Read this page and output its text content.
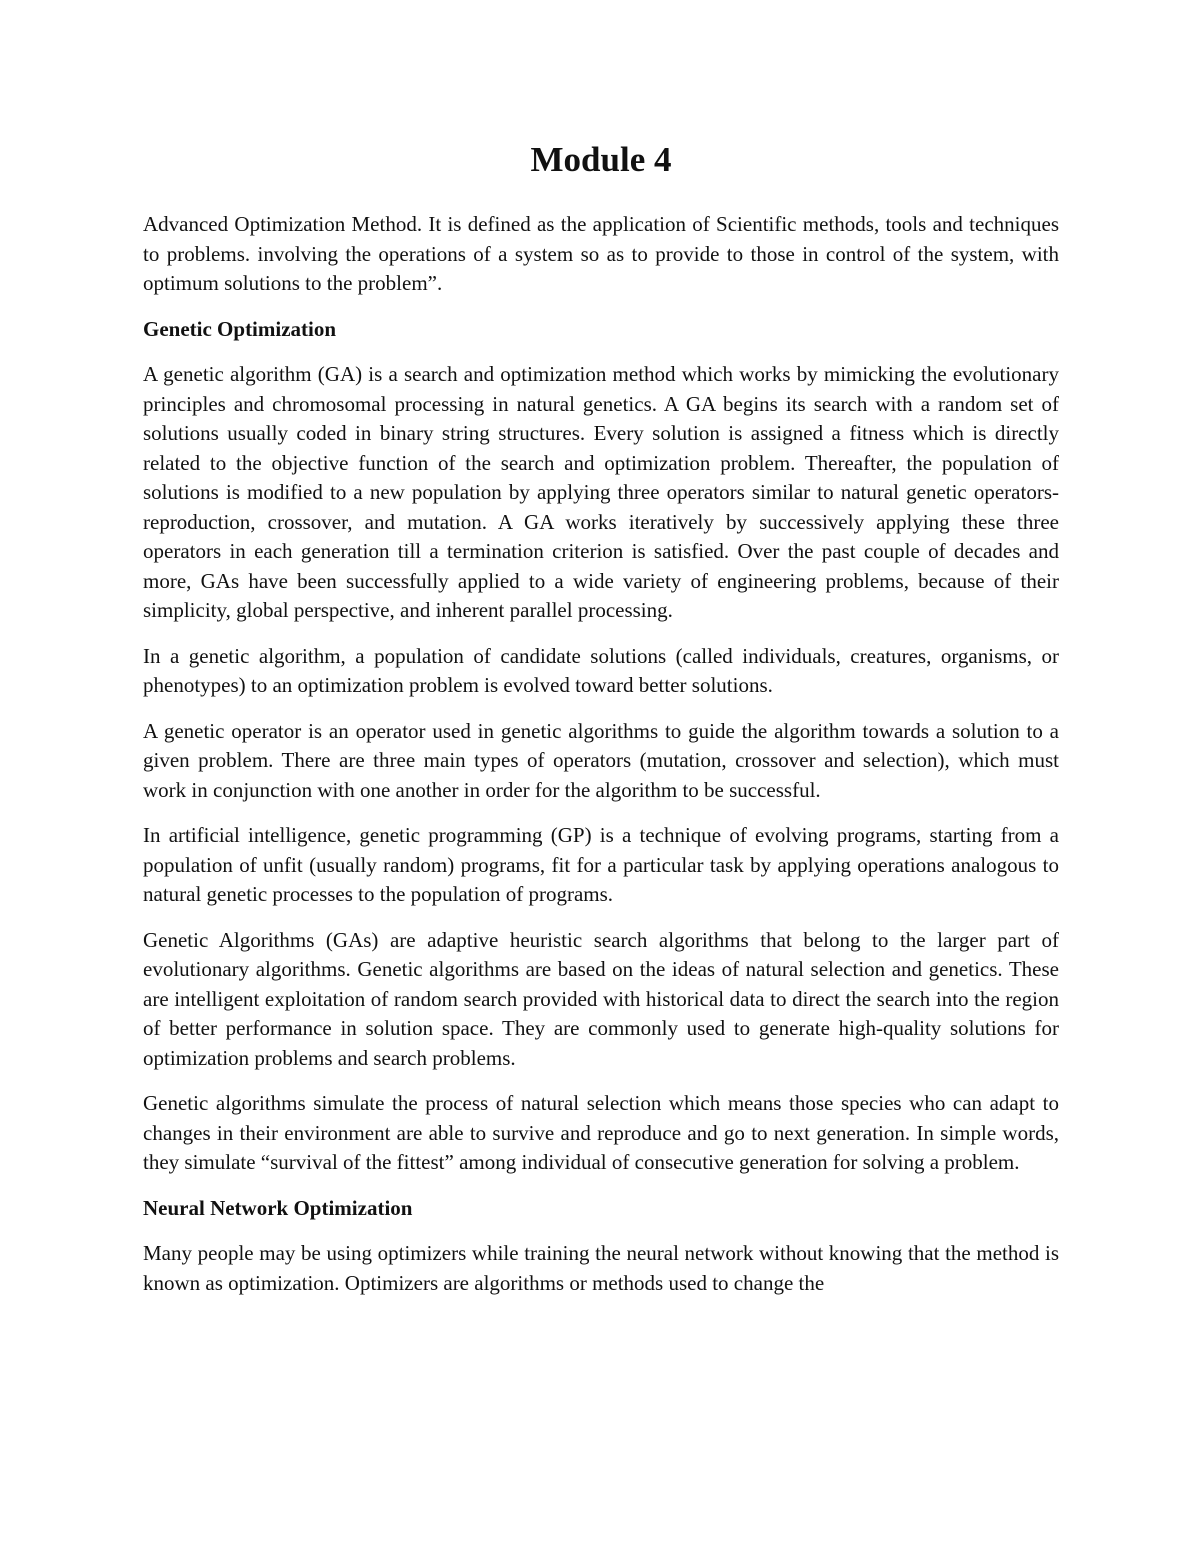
Module 4

Advanced Optimization Method. It is defined as the application of Scientific methods, tools and techniques to problems. involving the operations of a system so as to provide to those in control of the system, with optimum solutions to the problem”.

Genetic Optimization

A genetic algorithm (GA) is a search and optimization method which works by mimicking the evolutionary principles and chromosomal processing in natural genetics. A GA begins its search with a random set of solutions usually coded in binary string structures. Every solution is assigned a fitness which is directly related to the objective function of the search and optimization problem. Thereafter, the population of solutions is modified to a new population by applying three operators similar to natural genetic operators-reproduction, crossover, and mutation. A GA works iteratively by successively applying these three operators in each generation till a termination criterion is satisfied. Over the past couple of decades and more, GAs have been successfully applied to a wide variety of engineering problems, because of their simplicity, global perspective, and inherent parallel processing.

In a genetic algorithm, a population of candidate solutions (called individuals, creatures, organisms, or phenotypes) to an optimization problem is evolved toward better solutions.

A genetic operator is an operator used in genetic algorithms to guide the algorithm towards a solution to a given problem. There are three main types of operators (mutation, crossover and selection), which must work in conjunction with one another in order for the algorithm to be successful.

In artificial intelligence, genetic programming (GP) is a technique of evolving programs, starting from a population of unfit (usually random) programs, fit for a particular task by applying operations analogous to natural genetic processes to the population of programs.

Genetic Algorithms (GAs) are adaptive heuristic search algorithms that belong to the larger part of evolutionary algorithms. Genetic algorithms are based on the ideas of natural selection and genetics. These are intelligent exploitation of random search provided with historical data to direct the search into the region of better performance in solution space. They are commonly used to generate high-quality solutions for optimization problems and search problems.

Genetic algorithms simulate the process of natural selection which means those species who can adapt to changes in their environment are able to survive and reproduce and go to next generation. In simple words, they simulate “survival of the fittest” among individual of consecutive generation for solving a problem.

Neural Network Optimization

Many people may be using optimizers while training the neural network without knowing that the method is known as optimization. Optimizers are algorithms or methods used to change the
